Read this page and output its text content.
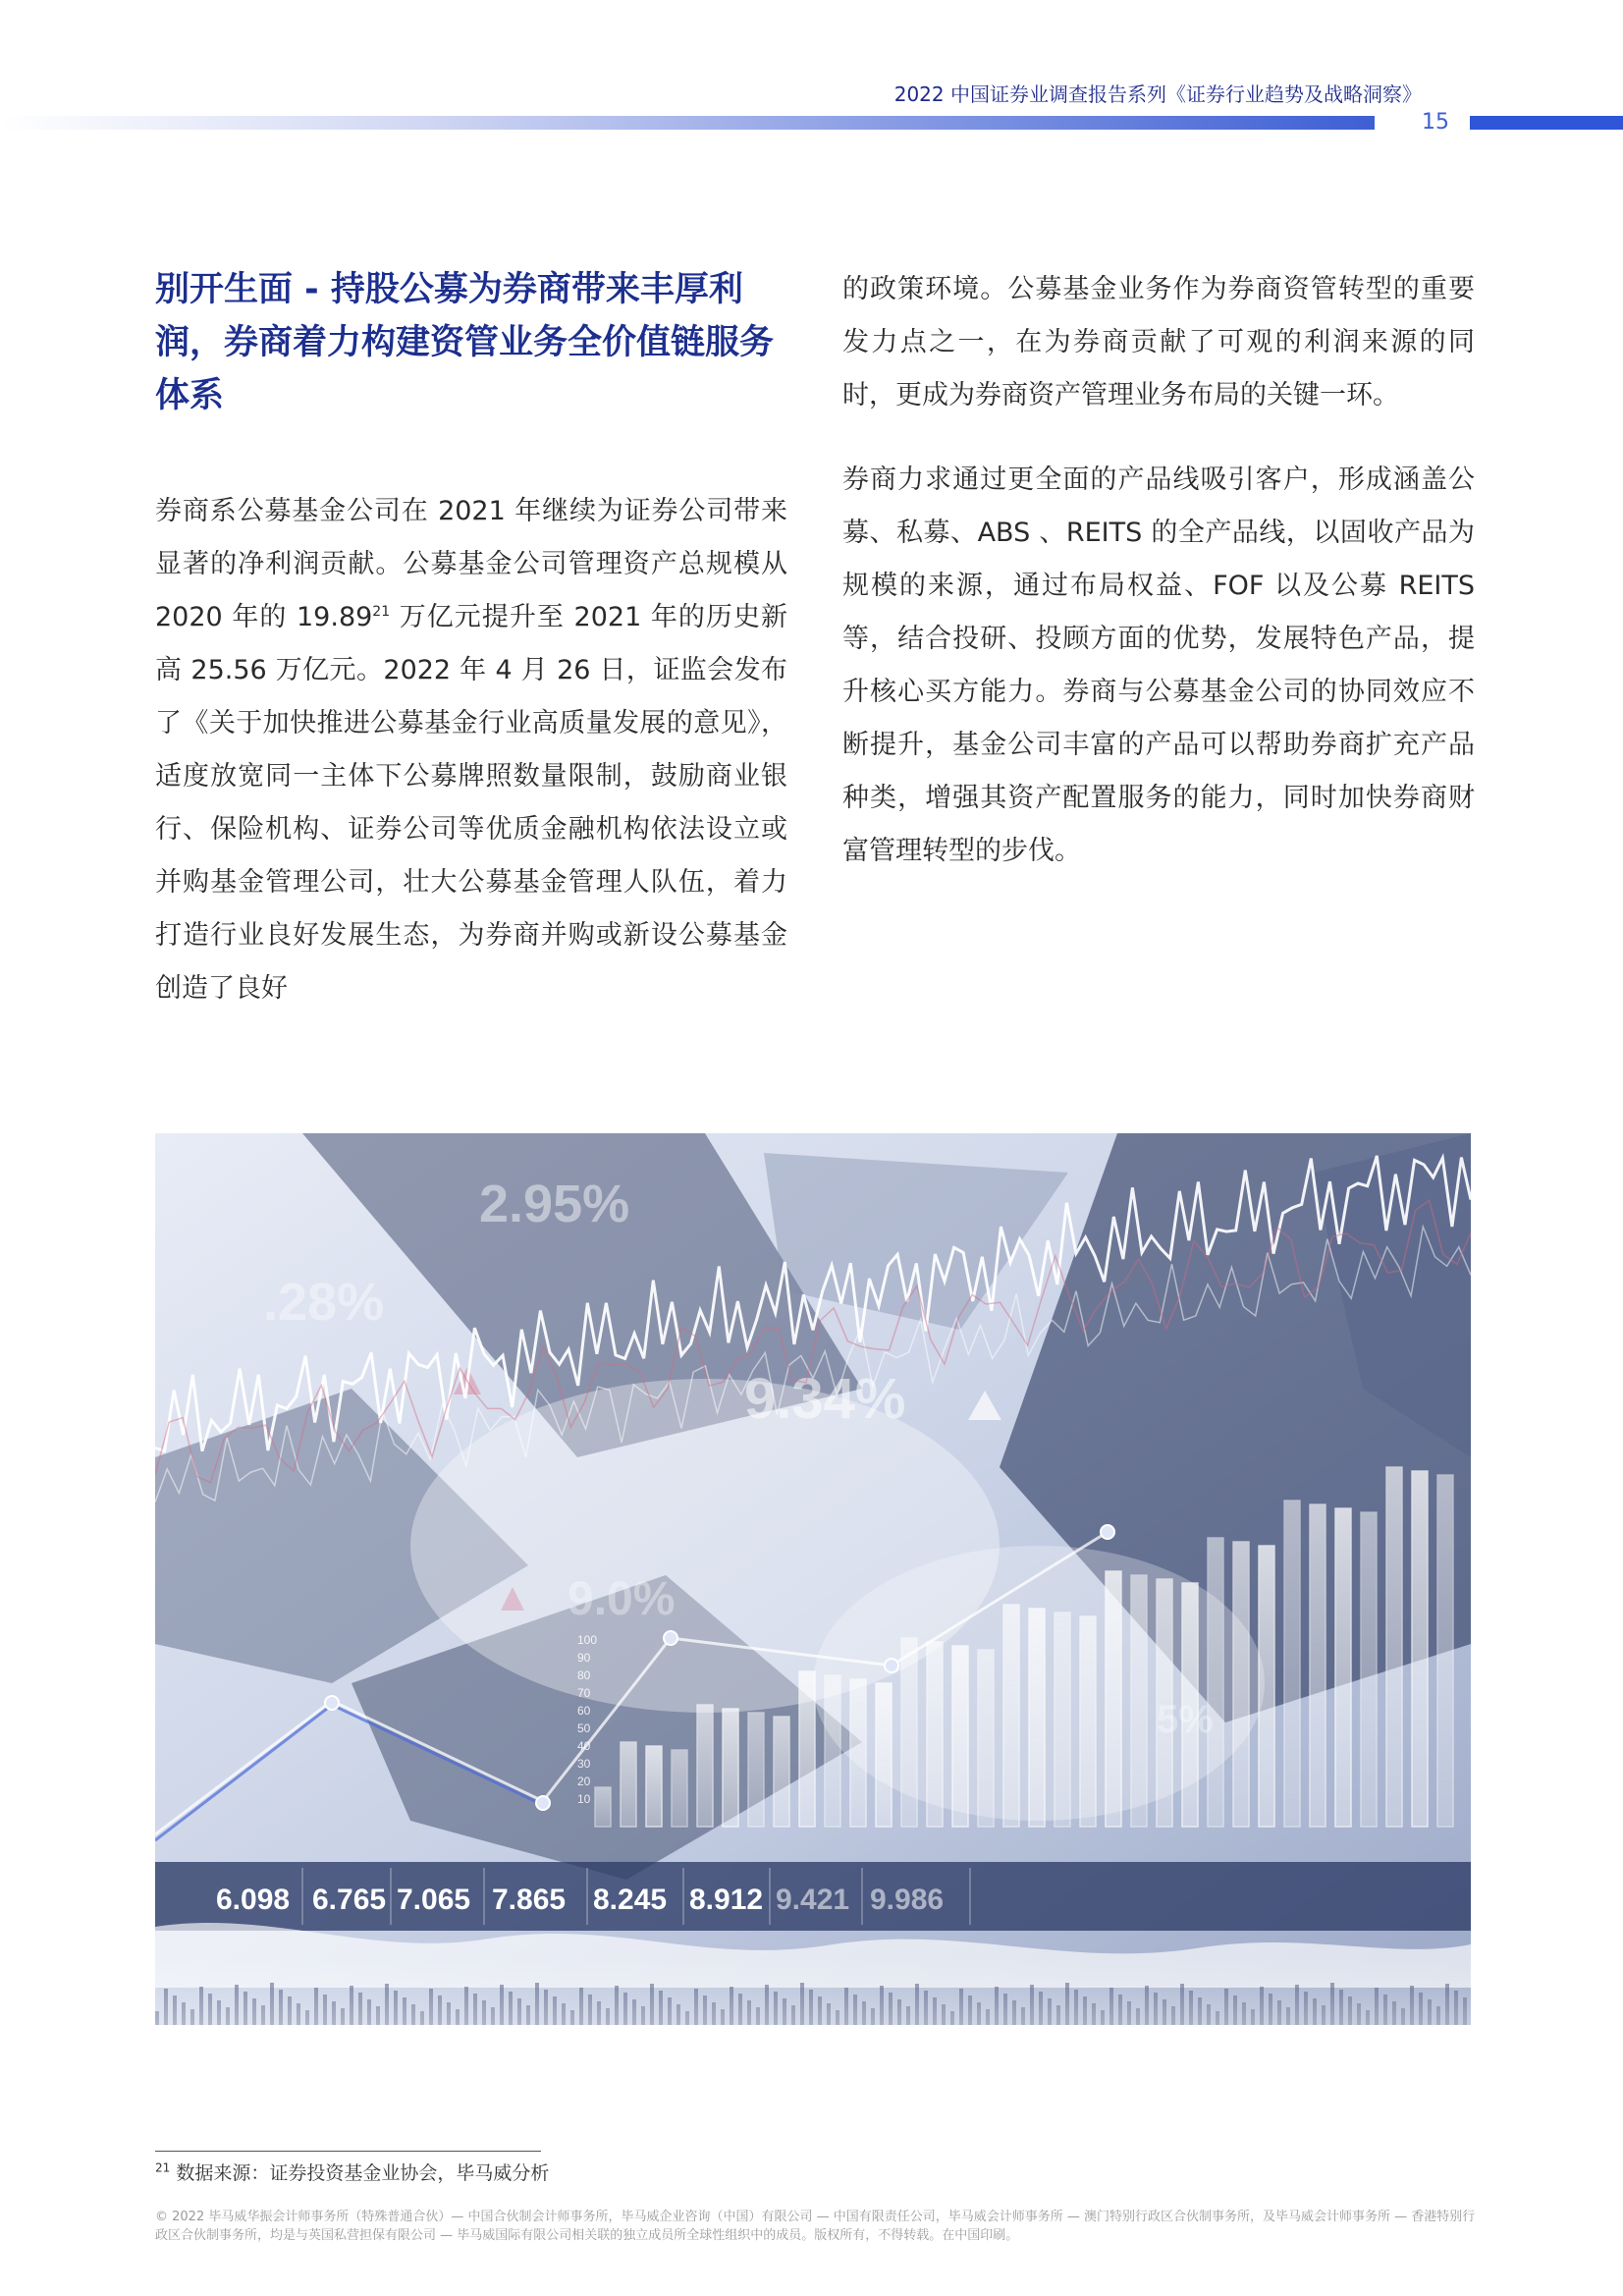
2022 中国证券业调查报告系列《证券行业趋势及战略洞察》
15
别开生面 - 持股公募为券商带来丰厚利润，券商着力构建资管业务全价值链服务体系

券商系公募基金公司在 2021 年继续为证券公司带来显著的净利润贡献。公募基金公司管理资产总规模从 2020 年的 19.89$^{21}$ 万亿元提升至 2021 年的历史新高 25.56 万亿元。2022 年 4 月 26 日，证监会发布了《关于加快推进公募基金行业高质量发展的意见》，适度放宽同一主体下公募牌照数量限制，鼓励商业银行、保险机构、证券公司等优质金融机构依法设立或并购基金管理公司，壮大公募基金管理人队伍，着力打造行业良好发展生态，为券商并购或新设公募基金创造了良好

的政策环境。公募基金业务作为券商资管转型的重要发力点之一，在为券商贡献了可观的利润来源的同时，更成为券商资产管理业务布局的关键一环。

券商力求通过更全面的产品线吸引客户，形成涵盖公募、私募、ABS 、REITS 的全产品线，以固收产品为规模的来源，通过布局权益、FOF 以及公募 REITS 等，结合投研、投顾方面的优势，发展特色产品，提升核心买方能力。券商与公募基金公司的协同效应不断提升，基金公司丰富的产品可以帮助券商扩充产品种类，增强其资产配置服务的能力，同时加快券商财富管理转型的步伐。

2.95%
.28%
9.34%
9.0%
100
90
80
70
60
50
40
30
20
10
6.098 6.765 7.065 7.865 8.245 8.912 9.421 9.986
$^{21}$ 数据来源：证券投资基金业协会，毕马威分析
© 2022 毕马威华振会计师事务所（特殊普通合伙）— 中国合伙制会计师事务所，毕马威企业咨询（中国）有限公司 — 中国有限责任公司，毕马威会计师事务所 — 澳门特别行政区合伙制事务所，及毕马威会计师事务所 — 香港特别行政区合伙制事务所，均是与英国私营担保有限公司 — 毕马威国际有限公司相关联的独立成员所全球性组织中的成员。版权所有，不得转载。在中国印刷。
